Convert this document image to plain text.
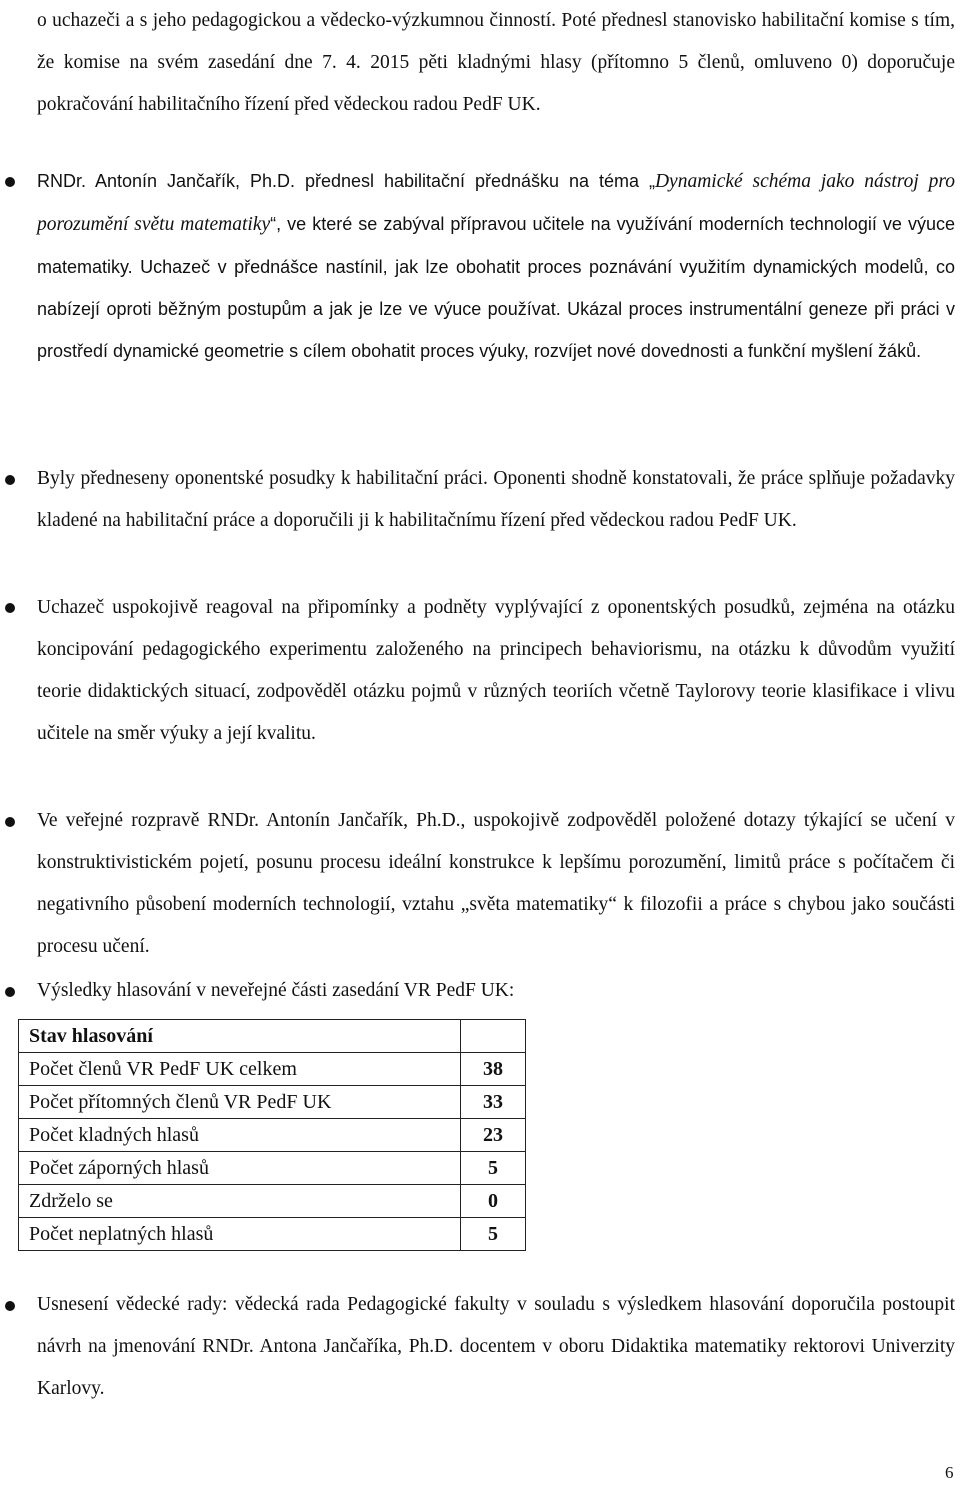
o uchazeči a s jeho pedagogickou a vědecko-výzkumnou činností. Poté přednesl stanovisko habilitační komise s tím, že komise na svém zasedání dne 7. 4. 2015 pěti kladnými hlasy (přítomno 5 členů, omluveno 0) doporučuje pokračování habilitačního řízení před vědeckou radou PedF UK.

RNDr. Antonín Jančařík, Ph.D. přednesl habilitační přednášku na téma „Dynamické schéma jako nástroj pro porozumění světu matematiky“, ve které se zabýval přípravou učitele na využívání moderních technologií ve výuce matematiky. Uchazeč v přednášce nastínil, jak lze obohatit proces poznávání využitím dynamických modelů, co nabízejí oproti běžným postupům a jak je lze ve výuce používat. Ukázal proces instrumentální geneze při práci v prostředí dynamické geometrie s cílem obohatit proces výuky, rozvíjet nové dovednosti a funkční myšlení žáků.

Byly předneseny oponentské posudky k habilitační práci. Oponenti shodně konstatovali, že práce splňuje požadavky kladené na habilitační práce a doporučili ji k habilitačnímu řízení před vědeckou radou PedF UK.

Uchazeč uspokojivě reagoval na připomínky a podněty vyplývající z oponentských posudků, zejména na otázku koncipování pedagogického experimentu založeného na principech behaviorismu, na otázku k důvodům využití teorie didaktických situací, zodpověděl otázku pojmů v různých teoriích včetně Taylorovy teorie klasifikace i vlivu učitele na směr výuky a její kvalitu.

Ve veřejné rozpravě RNDr. Antonín Jančařík, Ph.D., uspokojivě zodpověděl položené dotazy týkající se učení v konstruktivistickém pojetí, posunu procesu ideální konstrukce k lepšímu porozumění, limitů práce s počítačem či negativního působení moderních technologií, vztahu „světa matematiky“ k filozofii a práce s chybou jako součásti procesu učení.

Výsledky hlasování v neveřejné části zasedání VR PedF UK:

Stav hlasování	
Počet členů VR PedF UK celkem	38
Počet přítomných členů VR PedF UK	33
Počet kladných hlasů	23
Počet záporných hlasů	5
Zdrželo se	0
Počet neplatných hlasů	5

Usnesení vědecké rady: vědecká rada Pedagogické fakulty v souladu s výsledkem hlasování doporučila postoupit návrh na jmenování RNDr. Antona Jančaříka, Ph.D. docentem v oboru Didaktika matematiky rektorovi Univerzity Karlovy.

6
